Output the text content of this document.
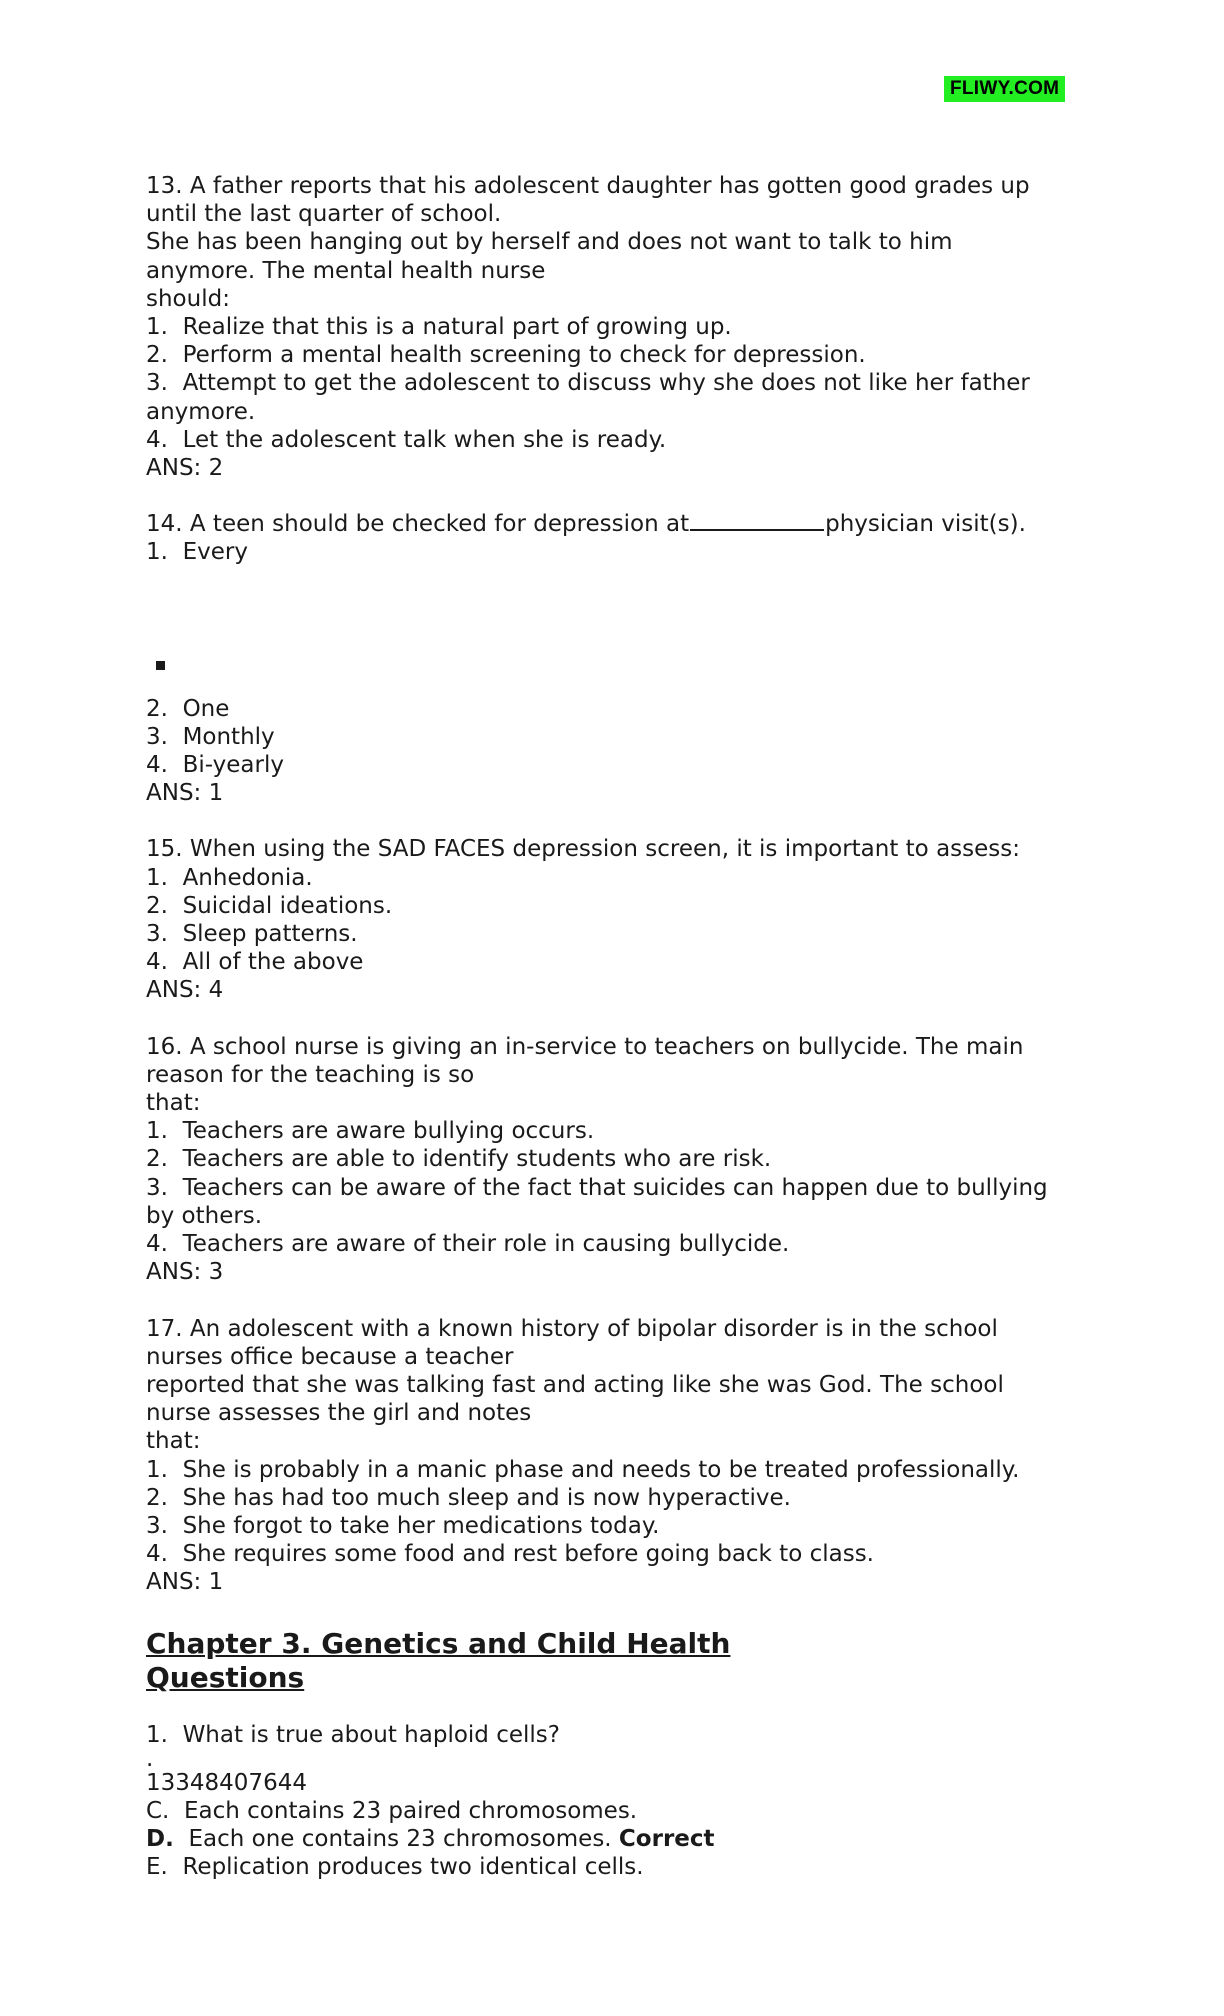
FLIWY.COM

13. A father reports that his adolescent daughter has gotten good grades up

until the last quarter of school.

She has been hanging out by herself and does not want to talk to him

anymore. The mental health nurse

should:

1.  Realize that this is a natural part of growing up.

2.  Perform a mental health screening to check for depression.

3.  Attempt to get the adolescent to discuss why she does not like her father

anymore.

4.  Let the adolescent talk when she is ready.

ANS: 2

14. A teen should be checked for depression at	physician visit(s).

1.  Every

2.  One

3.  Monthly

4.  Bi-yearly

ANS: 1

15. When using the SAD FACES depression screen, it is important to assess:

1.  Anhedonia.

2.  Suicidal ideations.

3.  Sleep patterns.

4.  All of the above

ANS: 4

16. A school nurse is giving an in-service to teachers on bullycide. The main

reason for the teaching is so

that:

1.  Teachers are aware bullying occurs.

2.  Teachers are able to identify students who are risk.

3.  Teachers can be aware of the fact that suicides can happen due to bullying

by others.

4.  Teachers are aware of their role in causing bullycide.

ANS: 3

17. An adolescent with a known history of bipolar disorder is in the school

nurses office because a teacher

reported that she was talking fast and acting like she was God. The school

nurse assesses the girl and notes

that:

1.  She is probably in a manic phase and needs to be treated professionally.

2.  She has had too much sleep and is now hyperactive.

3.  She forgot to take her medications today.

4.  She requires some food and rest before going back to class.

ANS: 1

Chapter 3. Genetics and Child Health
Questions

1.  What is true about haploid cells?

.

13348407644

C.  Each contains 23 paired chromosomes.

D.  Each one contains 23 chromosomes. Correct

E.  Replication produces two identical cells.
